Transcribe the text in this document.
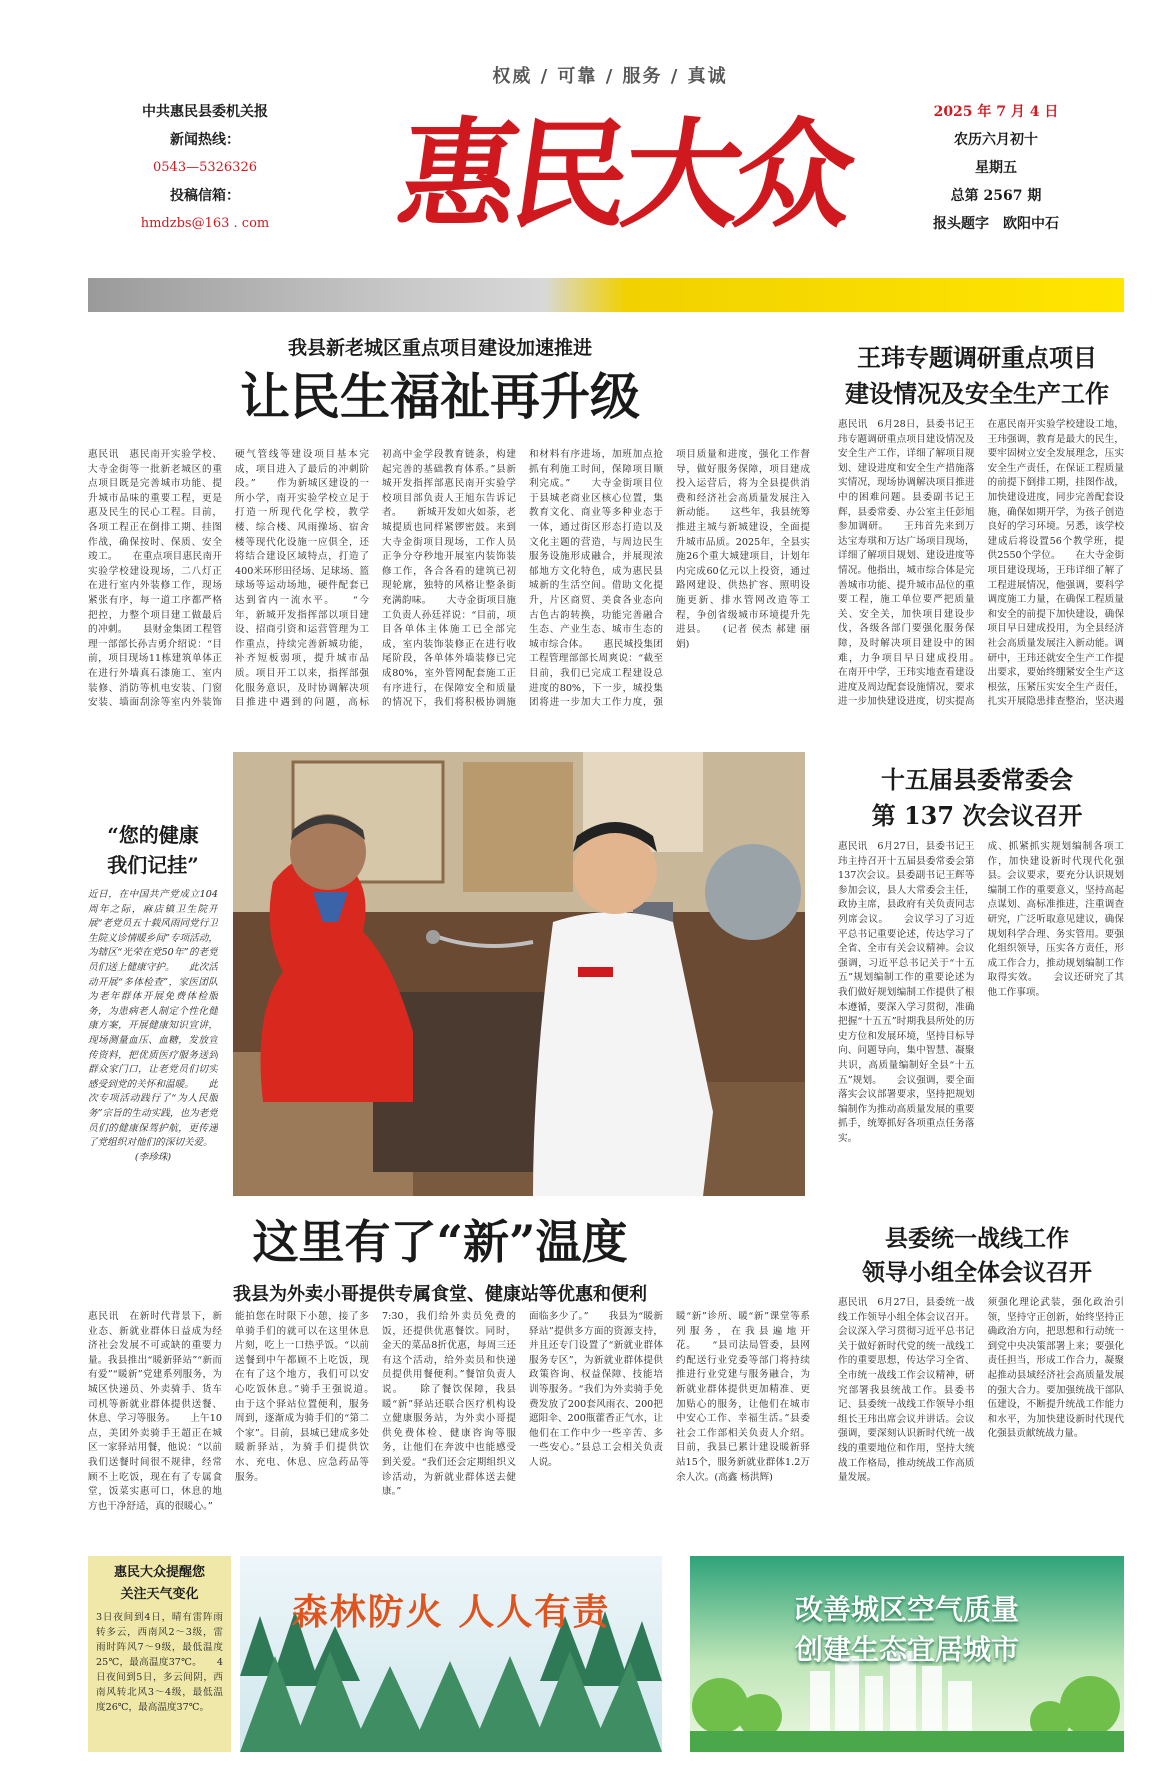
权威 / 可靠 / 服务 / 真诚
中共惠民县委机关报
新闻热线：
0543—5326326
投稿信箱：
hmdzbs@163 . com 惠民大众	2025 年 7 月 4 日
农历六月初十
星期五
总第 2567 期
报头题字　欧阳中石
我县新老城区重点项目建设加速推进
让民生福祉再升级
惠民讯　惠民南开实验学校、大寺金街等一批新老城区的重点项目既是完善城市功能、提升城市品味的重要工程，更是惠及民生的民心工程。目前，各项工程正在倒排工期、挂图作战，确保按时、保质、安全竣工。　　在重点项目惠民南开实验学校建设现场，二八灯正在进行室内外装修工作，现场紧张有序，每一道工序都严格把控，力整个项目建工做最后的冲刺。　　县财金集团工程管理一部部长孙吉勇介绍说：“目前，项目现场11栋建筑单体正在进行外墙真石漆施工、室内装修、消防等机电安装、门窗安装、墙面刮涂等室内外装饰
硬气管线等建设项目基本完成，项目进入了最后的冲刺阶段。”　　作为新城区建设的一所小学，南开实验学校立足于打造一所现代化学校，教学楼、综合楼、风雨操场、宿舍楼等现代化设施一应俱全，还将结合建设区域特点，打造了400米环形田径场、足球场、篮球场等运动场地，硬件配套已达到省内一流水平。　　“今年，新城开发指挥部以项目建设、招商引资和运营管理为工作重点，持续完善新城功能，补齐短板弱项，提升城市品质。项目开工以来，指挥部强化服务意识，及时协调解决项目推进中遇到的问题，高标
初高中金学段教育链条，构建起完善的基础教育体系。”县新城开发指挥部惠民南开实验学校项目部负责人王旭东告诉记者。　　新城开发如火如荼，老城提质也同样紧锣密鼓。来到大寺金街项目现场，工作人员正争分夺秒地开展室内装饰装修工作，各合各看的建筑已初现轮廓，独特的风格让整条街充满韵味。　　大寺金街项目施工负责人孙廷祥说：“目前，项目各单体主体施工已全部完成，室内装饰装修正在进行收尾阶段，各单体外墙装修已完成80%，室外管网配套施工正有序进行，在保障安全和质量的情况下，我们将积极协调施
和材料有序进场，加班加点抢抓有利施工时间，保障项目顺利完成。”　　大寺金街项目位于县城老商业区核心位置，集教育文化、商业等多种业态于一体，通过街区形态打造以及文化主题的营造，与周边民生服务设施形成融合，并展现浓郁地方文化特色，成为惠民县城新的生活空间。借助文化提升，片区商贸、美食各业态向古色古韵转换，功能完善融合生态、产业生态、城市生态的城市综合体。　　惠民城投集团工程管理部部长周爽说：“截至目前，我们已完成工程建设总进度的80%，下一步，城投集团将进一步加大工作力度，强
项目质量和进度，强化工作督导，做好服务保障，项目建成投入运营后，将为全县提供消费和经济社会高质量发展注入新动能。　　这些年，我县统筹推进主城与新城建设，全面提升城市品质。2025年，全县实施26个重大城建项目，计划年内完成60亿元以上投资，通过路网建设、供热扩容、照明设施更新、排水管网改造等工程，争创省级城市环境提升先进县。　　(记者 侯杰 郝建 丽娟)
王玮专题调研重点项目
建设情况及安全生产工作
惠民讯　6月28日，县委书记王玮专题调研重点项目建设情况及安全生产工作，详细了解项目规划、建设进度和安全生产措施落实情况，现场协调解决项目推进中的困难问题。县委副书记王辉，县委常委、办公室主任彭旭参加调研。　　王玮首先来到万达宝寿琪和万达广场项目现场，详细了解项目规划、建设进度等情况。他指出，城市综合体是完善城市功能、提升城市品位的重要工程，施工单位要严把质量关、安全关，加快项目建设步伐，各级各部门要强化服务保障，及时解决项目建设中的困难，力争项目早日建成投用。　　在南开中学，王玮实地查看建设进度及周边配套设施情况，要求进一步加快建设进度，切实提高
在惠民南开实验学校建设工地，王玮强调，教育是最大的民生，要牢固树立安全发展理念，压实安全生产责任，在保证工程质量的前提下倒排工期，挂图作战，加快建设进度，同步完善配套设施，确保如期开学，为孩子创造良好的学习环境。另悉，该学校建成后将设置56个教学班，提供2550个学位。　　在大寺金街项目建设现场，王玮详细了解了工程进展情况，他强调，要科学调度施工力量，在确保工程质量和安全的前提下加快建设，确保项目早日建成投用，为全县经济社会高质量发展注入新动能。调研中，王玮还就安全生产工作提出要求，要始终绷紧安全生产这根弦，压紧压实安全生产责任，扎实开展隐患排查整治，坚决遏
“您的健康
我们记挂”
近日，在中国共产党成立104周年之际，麻店镇卫生院开展“老党员五十载风雨同党行卫生院义诊情暖乡间”专项活动，为辖区“光荣在党50年”的老党员们送上健康守护。　　此次活动开展“多体检查”，家医团队为老年群体开展免费体检服务，为患病老人制定个性化健康方案，开展健康知识宣讲，现场测量血压、血糖，发放宣传资料，把优质医疗服务送到群众家门口，让老党员们切实感受到党的关怀和温暖。　　此次专项活动践行了“为人民服务”宗旨的生动实践，也为老党员们的健康保驾护航，更传递了党组织对他们的深切关爱。
(李珍珠)
十五届县委常委会
第 137 次会议召开
惠民讯　6月27日，县委书记王玮主持召开十五届县委常委会第137次会议。县委副书记王辉等参加会议，县人大常委会主任，政协主席，县政府有关负责同志列席会议。　　会议学习了习近平总书记重要论述，传达学习了全省、全市有关会议精神。会议强调，习近平总书记关于“十五五”规划编制工作的重要论述为我们做好规划编制工作提供了根本遵循，要深入学习贯彻，准确把握“十五五”时期我县所处的历史方位和发展环境，坚持目标导向、问题导向，集中智慧、凝聚共识，高质量编制好全县“十五五”规划。　　会议强调，要全面落实会议部署要求，坚持把规划编制作为推动高质量发展的重要抓手，统筹抓好各项重点任务落实。
成、抓紧抓实规划编制各项工作，加快建设新时代现代化强县。会议要求，要充分认识规划编制工作的重要意义，坚持高起点谋划、高标准推进，注重调查研究，广泛听取意见建议，确保规划科学合理、务实管用。要强化组织领导，压实各方责任，形成工作合力，推动规划编制工作取得实效。　　会议还研究了其他工作事项。
这里有了“新”温度
我县为外卖小哥提供专属食堂、健康站等优惠和便利
惠民讯　在新时代背景下，新业态、新就业群体日益成为经济社会发展不可或缺的重要力量。我县推出“暖新驿站”“新而有爱”“暖新”党建系列服务，为城区快递员、外卖骑手、货车司机等新就业群体提供送餐、休息、学习等服务。　　上午10点，美团外卖骑手王超正在城区一家驿站用餐，他说：“以前我们送餐时间很不规律，经常顾不上吃饭，现在有了专属食堂，饭菜实惠可口，休息的地方也干净舒适，真的很暖心。”
能拍您在时限下小憩，接了多单骑手们的就可以在这里休息片刻，吃上一口热乎饭。“以前送餐到中午都顾不上吃饭，现在有了这个地方，我们可以安心吃饭休息。”骑手王强说道。　　由于这个驿站位置便利，服务周到，逐渐成为骑手们的“第二个家”。目前，县城已建成多处暖新驿站，为骑手们提供饮水、充电、休息、应急药品等服务。
7:30，我们给外卖员免费的饭，还提供优惠餐饮。同时，金天的菜品8折优惠，每周三还有这个活动，给外卖员和快递员提供用餐便利。”餐馆负责人说。　　除了餐饮保障，我县暖“新”驿站还联合医疗机构设立健康服务站，为外卖小哥提供免费体检、健康咨询等服务，让他们在奔波中也能感受到关爱。“我们还会定期组织义诊活动，为新就业群体送去健康。”
面临多少了。”　　我县为“暖新驿站”提供多方面的资源支持，并且还专门设置了“新就业群体服务专区”，为新就业群体提供政策咨询、权益保障、技能培训等服务。“我们为外卖骑手免费发放了200套风雨衣、200把遮阳伞、200瓶藿香正气水，让他们在工作中少一些辛苦、多一些安心。”县总工会相关负责人说。
暖“新”诊所、暖“新”课堂等系列服务，在我县遍地开花。　　“县司法局管委，县网约配送行业党委等部门将持续推进行业党建与服务融合，为新就业群体提供更加精准、更加贴心的服务，让他们在城市中安心工作、幸福生活。”县委社会工作部相关负责人介绍。目前，我县已累计建设暖新驿站15个，服务新就业群体1.2万余人次。(高鑫 杨洪辉)
县委统一战线工作
领导小组全体会议召开
惠民讯　6月27日，县委统一战线工作领导小组全体会议召开。会议深入学习贯彻习近平总书记关于做好新时代党的统一战线工作的重要思想，传达学习全省、全市统一战线工作会议精神，研究部署我县统战工作。县委书记、县委统一战线工作领导小组组长王玮出席会议并讲话。会议强调，要深刻认识新时代统一战线的重要地位和作用，坚持大统战工作格局，推动统战工作高质量发展。
须强化理论武装，强化政治引领，坚持守正创新，始终坚持正确政治方向，把思想和行动统一到党中央决策部署上来；要强化责任担当，形成工作合力，凝聚起推动县域经济社会高质量发展的强大合力。要加强统战干部队伍建设，不断提升统战工作能力和水平，为加快建设新时代现代化强县贡献统战力量。
惠民大众提醒您
关注天气变化
3日夜间到4日，晴有雷阵雨转多云，西南风2～3级，雷雨时阵风7～9级，最低温度25℃，最高温度37℃。　　4日夜间到5日，多云间阴，西南风转北风3～4级，最低温度26℃，最高温度37℃。
森林防火 人人有责	改善城区空气质量
创建生态宜居城市
